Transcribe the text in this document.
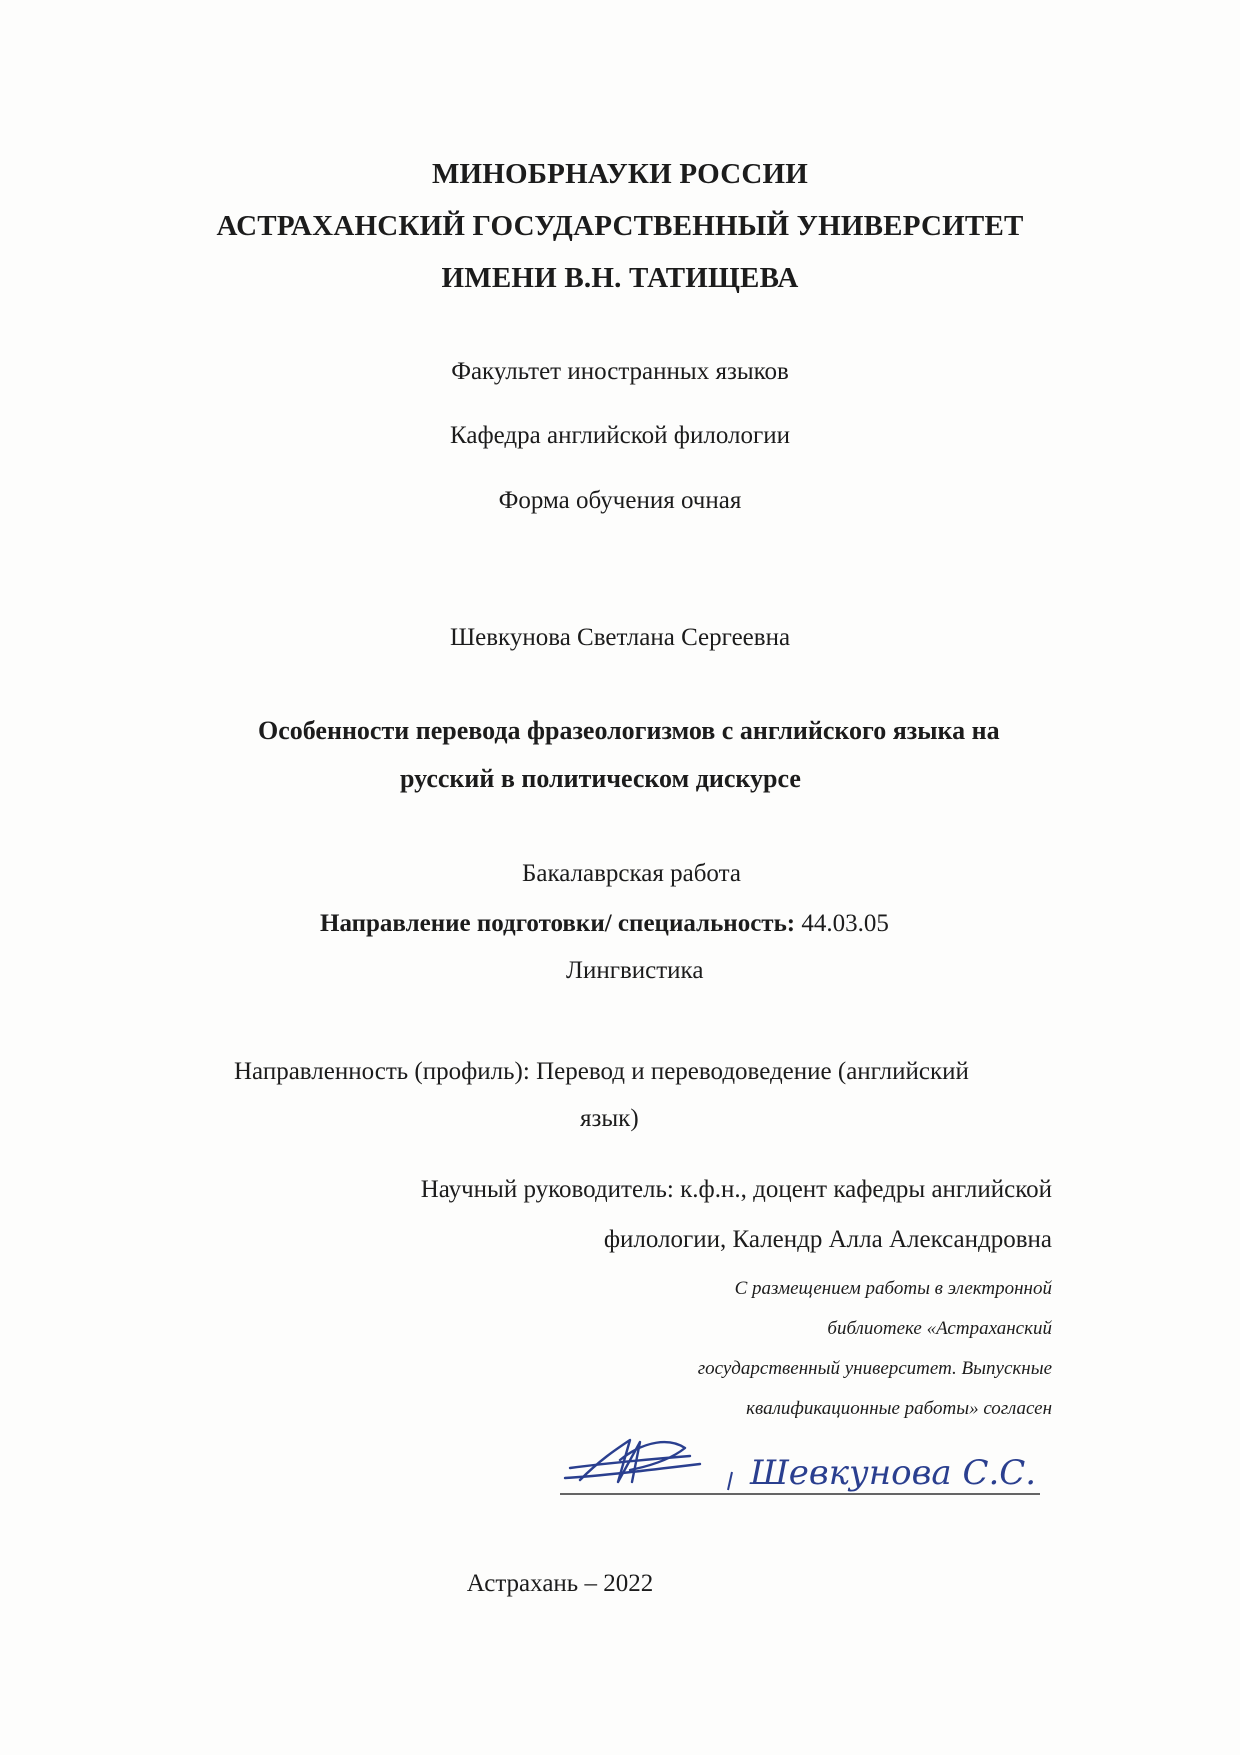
МИНОБРНАУКИ РОССИИ
АСТРАХАНСКИЙ ГОСУДАРСТВЕННЫЙ УНИВЕРСИТЕТ
ИМЕНИ В.Н. ТАТИЩЕВА
Факультет иностранных языков
Кафедра английской филологии
Форма обучения очная
Шевкунова Светлана Сергеевна
Особенности перевода фразеологизмов с английского языка на
русский в политическом дискурсе
Бакалаврская работа
Направление подготовки/ специальность: 44.03.05
Лингвистика
Направленность (профиль): Перевод и переводоведение (английский
язык)
Научный руководитель: к.ф.н., доцент кафедры английской
филологии, Календр Алла Александровна
С размещением работы в электронной
библиотеке «Астраханский
государственный университет. Выпускные
квалификационные работы» согласен
Шевкунова С.С.
Астрахань – 2022
